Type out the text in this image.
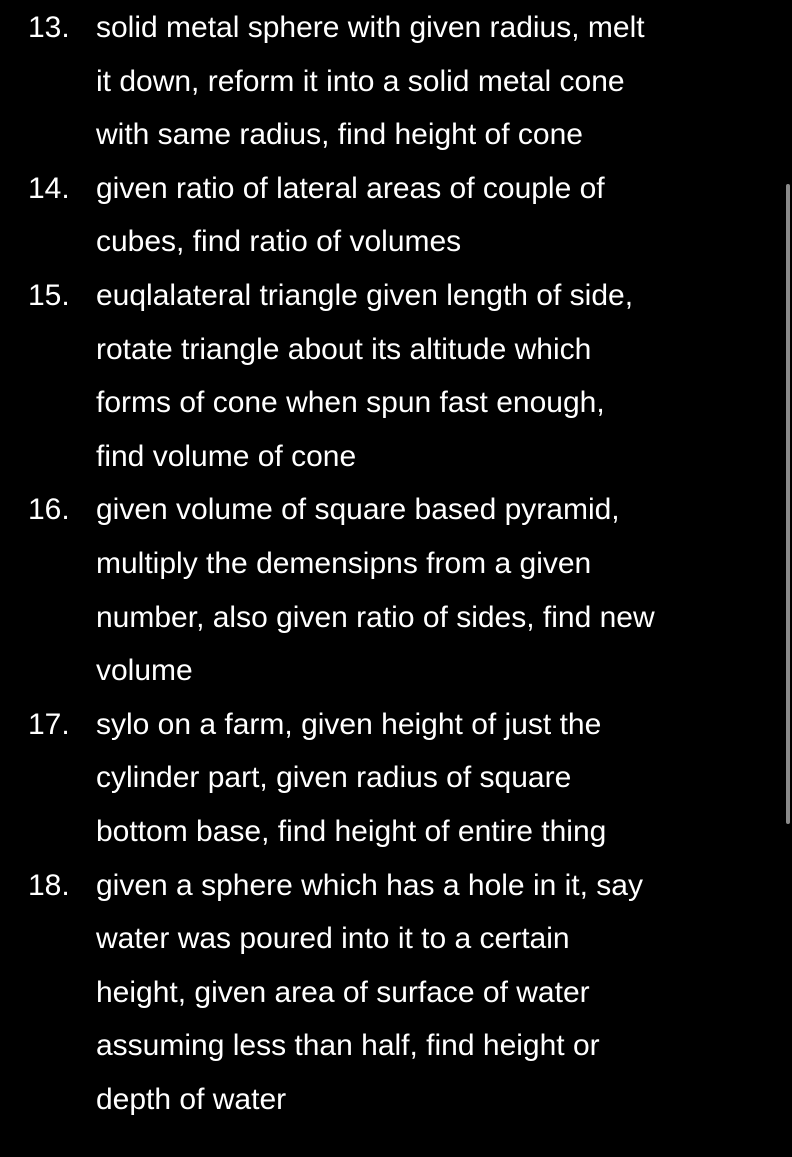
13. solid metal sphere with given radius, melt
it down, reform it into a solid metal cone
with same radius, find height of cone
14. given ratio of lateral areas of couple of
cubes, find ratio of volumes
15. euqlalateral triangle given length of side,
rotate triangle about its altitude which
forms of cone when spun fast enough,
find volume of cone
16. given volume of square based pyramid,
multiply the demensipns from a given
number, also given ratio of sides, find new
volume
17. sylo on a farm, given height of just the
cylinder part, given radius of square
bottom base, find height of entire thing
18. given a sphere which has a hole in it, say
water was poured into it to a certain
height, given area of surface of water
assuming less than half, find height or
depth of water
